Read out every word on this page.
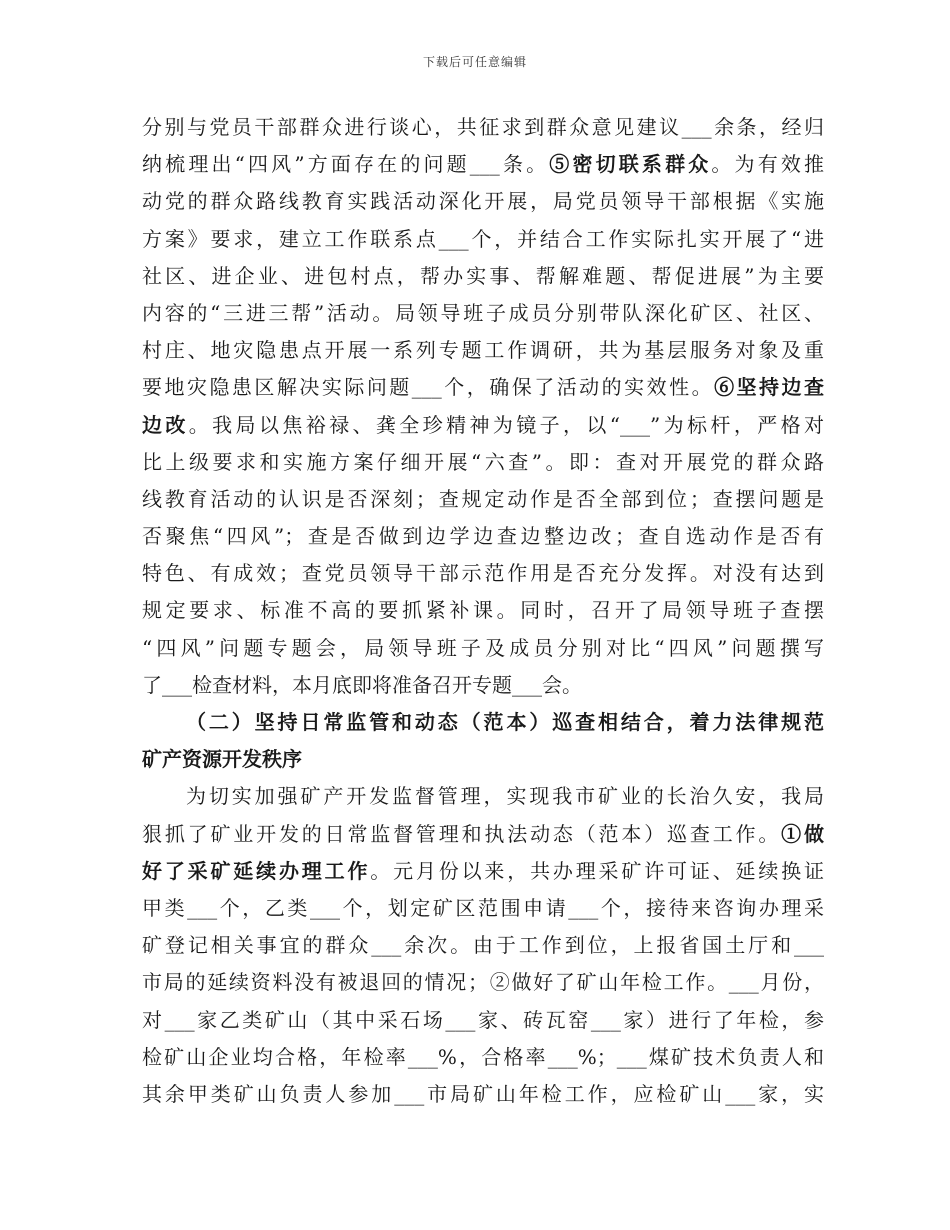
下载后可任意编辑
分别与党员干部群众进行谈心，共征求到群众意见建议___余条，经归
纳梳理出“四风”方面存在的问题___条。⑤密切联系群众。为有效推
动党的群众路线教育实践活动深化开展，局党员领导干部根据《实施
方案》要求，建立工作联系点___个，并结合工作实际扎实开展了“进
社区、进企业、进包村点，帮办实事、帮解难题、帮促进展”为主要
内容的“三进三帮”活动。局领导班子成员分别带队深化矿区、社区、
村庄、地灾隐患点开展一系列专题工作调研，共为基层服务对象及重
要地灾隐患区解决实际问题___个，确保了活动的实效性。⑥坚持边查
边改。我局以焦裕禄、龚全珍精神为镜子，以“___”为标杆，严格对
比上级要求和实施方案仔细开展“六查”。即：查对开展党的群众路
线教育活动的认识是否深刻；查规定动作是否全部到位；查摆问题是
否聚焦“四风”；查是否做到边学边查边整边改；查自选动作是否有
特色、有成效；查党员领导干部示范作用是否充分发挥。对没有达到
规定要求、标准不高的要抓紧补课。同时，召开了局领导班子查摆
“四风”问题专题会，局领导班子及成员分别对比“四风”问题撰写
了___检查材料，本月底即将准备召开专题___会。
（二）坚持日常监管和动态（范本）巡查相结合，着力法律规范
矿产资源开发秩序
为切实加强矿产开发监督管理，实现我市矿业的长治久安，我局
狠抓了矿业开发的日常监督管理和执法动态（范本）巡查工作。①做
好了采矿延续办理工作。元月份以来，共办理采矿许可证、延续换证
甲类___个，乙类___个，划定矿区范围申请___个，接待来咨询办理采
矿登记相关事宜的群众___余次。由于工作到位，上报省国土厅和___
市局的延续资料没有被退回的情况；②做好了矿山年检工作。___月份，
对___家乙类矿山（其中采石场___家、砖瓦窑___家）进行了年检，参
检矿山企业均合格，年检率___%，合格率___%；___煤矿技术负责人和
其余甲类矿山负责人参加___市局矿山年检工作，应检矿山___家，实
